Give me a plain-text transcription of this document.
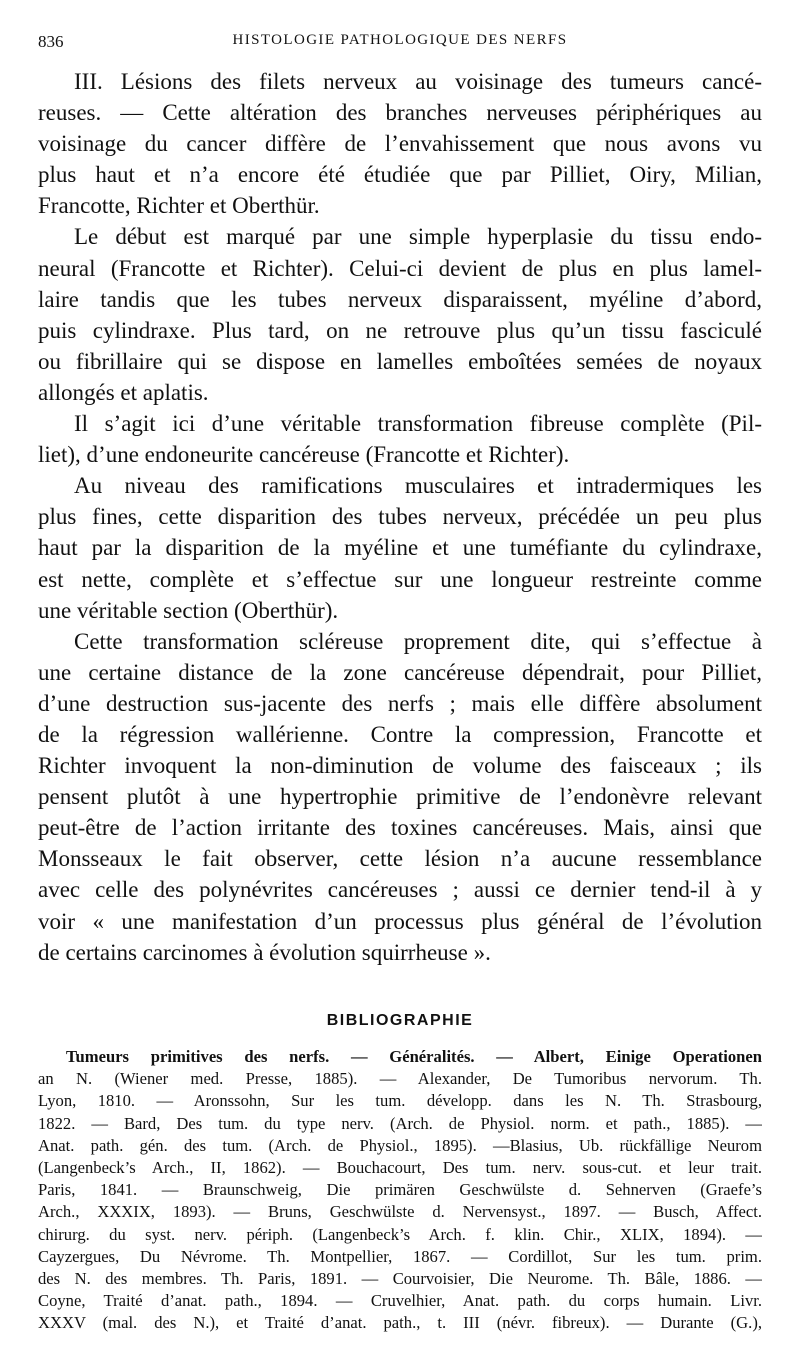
836	HISTOLOGIE PATHOLOGIQUE DES NERFS
III. Lésions des filets nerveux au voisinage des tumeurs cancé-
reuses. — Cette altération des branches nerveuses périphériques au
voisinage du cancer diffère de l’envahissement que nous avons vu
plus haut et n’a encore été étudiée que par Pilliet, Oiry, Milian,
Francotte, Richter et Oberthür.
Le début est marqué par une simple hyperplasie du tissu endo-
neural (Francotte et Richter). Celui-ci devient de plus en plus lamel-
laire tandis que les tubes nerveux disparaissent, myéline d’abord,
puis cylindraxe. Plus tard, on ne retrouve plus qu’un tissu fasciculé
ou fibrillaire qui se dispose en lamelles emboîtées semées de noyaux
allongés et aplatis.
Il s’agit ici d’une véritable transformation fibreuse complète (Pil-
liet), d’une endoneurite cancéreuse (Francotte et Richter).
Au niveau des ramifications musculaires et intradermiques les
plus fines, cette disparition des tubes nerveux, précédée un peu plus
haut par la disparition de la myéline et une tuméfiante du cylindraxe,
est nette, complète et s’effectue sur une longueur restreinte comme
une véritable section (Oberthür).
Cette transformation scléreuse proprement dite, qui s’effectue à
une certaine distance de la zone cancéreuse dépendrait, pour Pilliet,
d’une destruction sus-jacente des nerfs ; mais elle diffère absolument
de la régression wallérienne. Contre la compression, Francotte et
Richter invoquent la non-diminution de volume des faisceaux ; ils
pensent plutôt à une hypertrophie primitive de l’endonèvre relevant
peut-être de l’action irritante des toxines cancéreuses. Mais, ainsi que
Monsseaux le fait observer, cette lésion n’a aucune ressemblance
avec celle des polynévrites cancéreuses ; aussi ce dernier tend-il à y
voir « une manifestation d’un processus plus général de l’évolution
de certains carcinomes à évolution squirrheuse ».
BIBLIOGRAPHIE
Tumeurs primitives des nerfs. — Généralités. — Albert, Einige Operationen
an N. (Wiener med. Presse, 1885). — Alexander, De Tumoribus nervorum. Th.
Lyon, 1810. — Aronssohn, Sur les tum. développ. dans les N. Th. Strasbourg,
1822. — Bard, Des tum. du type nerv. (Arch. de Physiol. norm. et path., 1885). —
Anat. path. gén. des tum. (Arch. de Physiol., 1895). —Blasius, Ub. rückfällige Neurom
(Langenbeck’s Arch., II, 1862). — Bouchacourt, Des tum. nerv. sous-cut. et leur trait.
Paris, 1841. — Braunschweig, Die primären Geschwülste d. Sehnerven (Graefe’s
Arch., XXXIX, 1893). — Bruns, Geschwülste d. Nervensyst., 1897. — Busch, Affect.
chirurg. du syst. nerv. périph. (Langenbeck’s Arch. f. klin. Chir., XLIX, 1894). —
Cayzergues, Du Névrome. Th. Montpellier, 1867. — Cordillot, Sur les tum. prim.
des N. des membres. Th. Paris, 1891. — Courvoisier, Die Neurome. Th. Bâle, 1886. —
Coyne, Traité d’anat. path., 1894. — Cruvelhier, Anat. path. du corps humain. Livr.
XXXV (mal. des N.), et Traité d’anat. path., t. III (névr. fibreux). — Durante (G.),
